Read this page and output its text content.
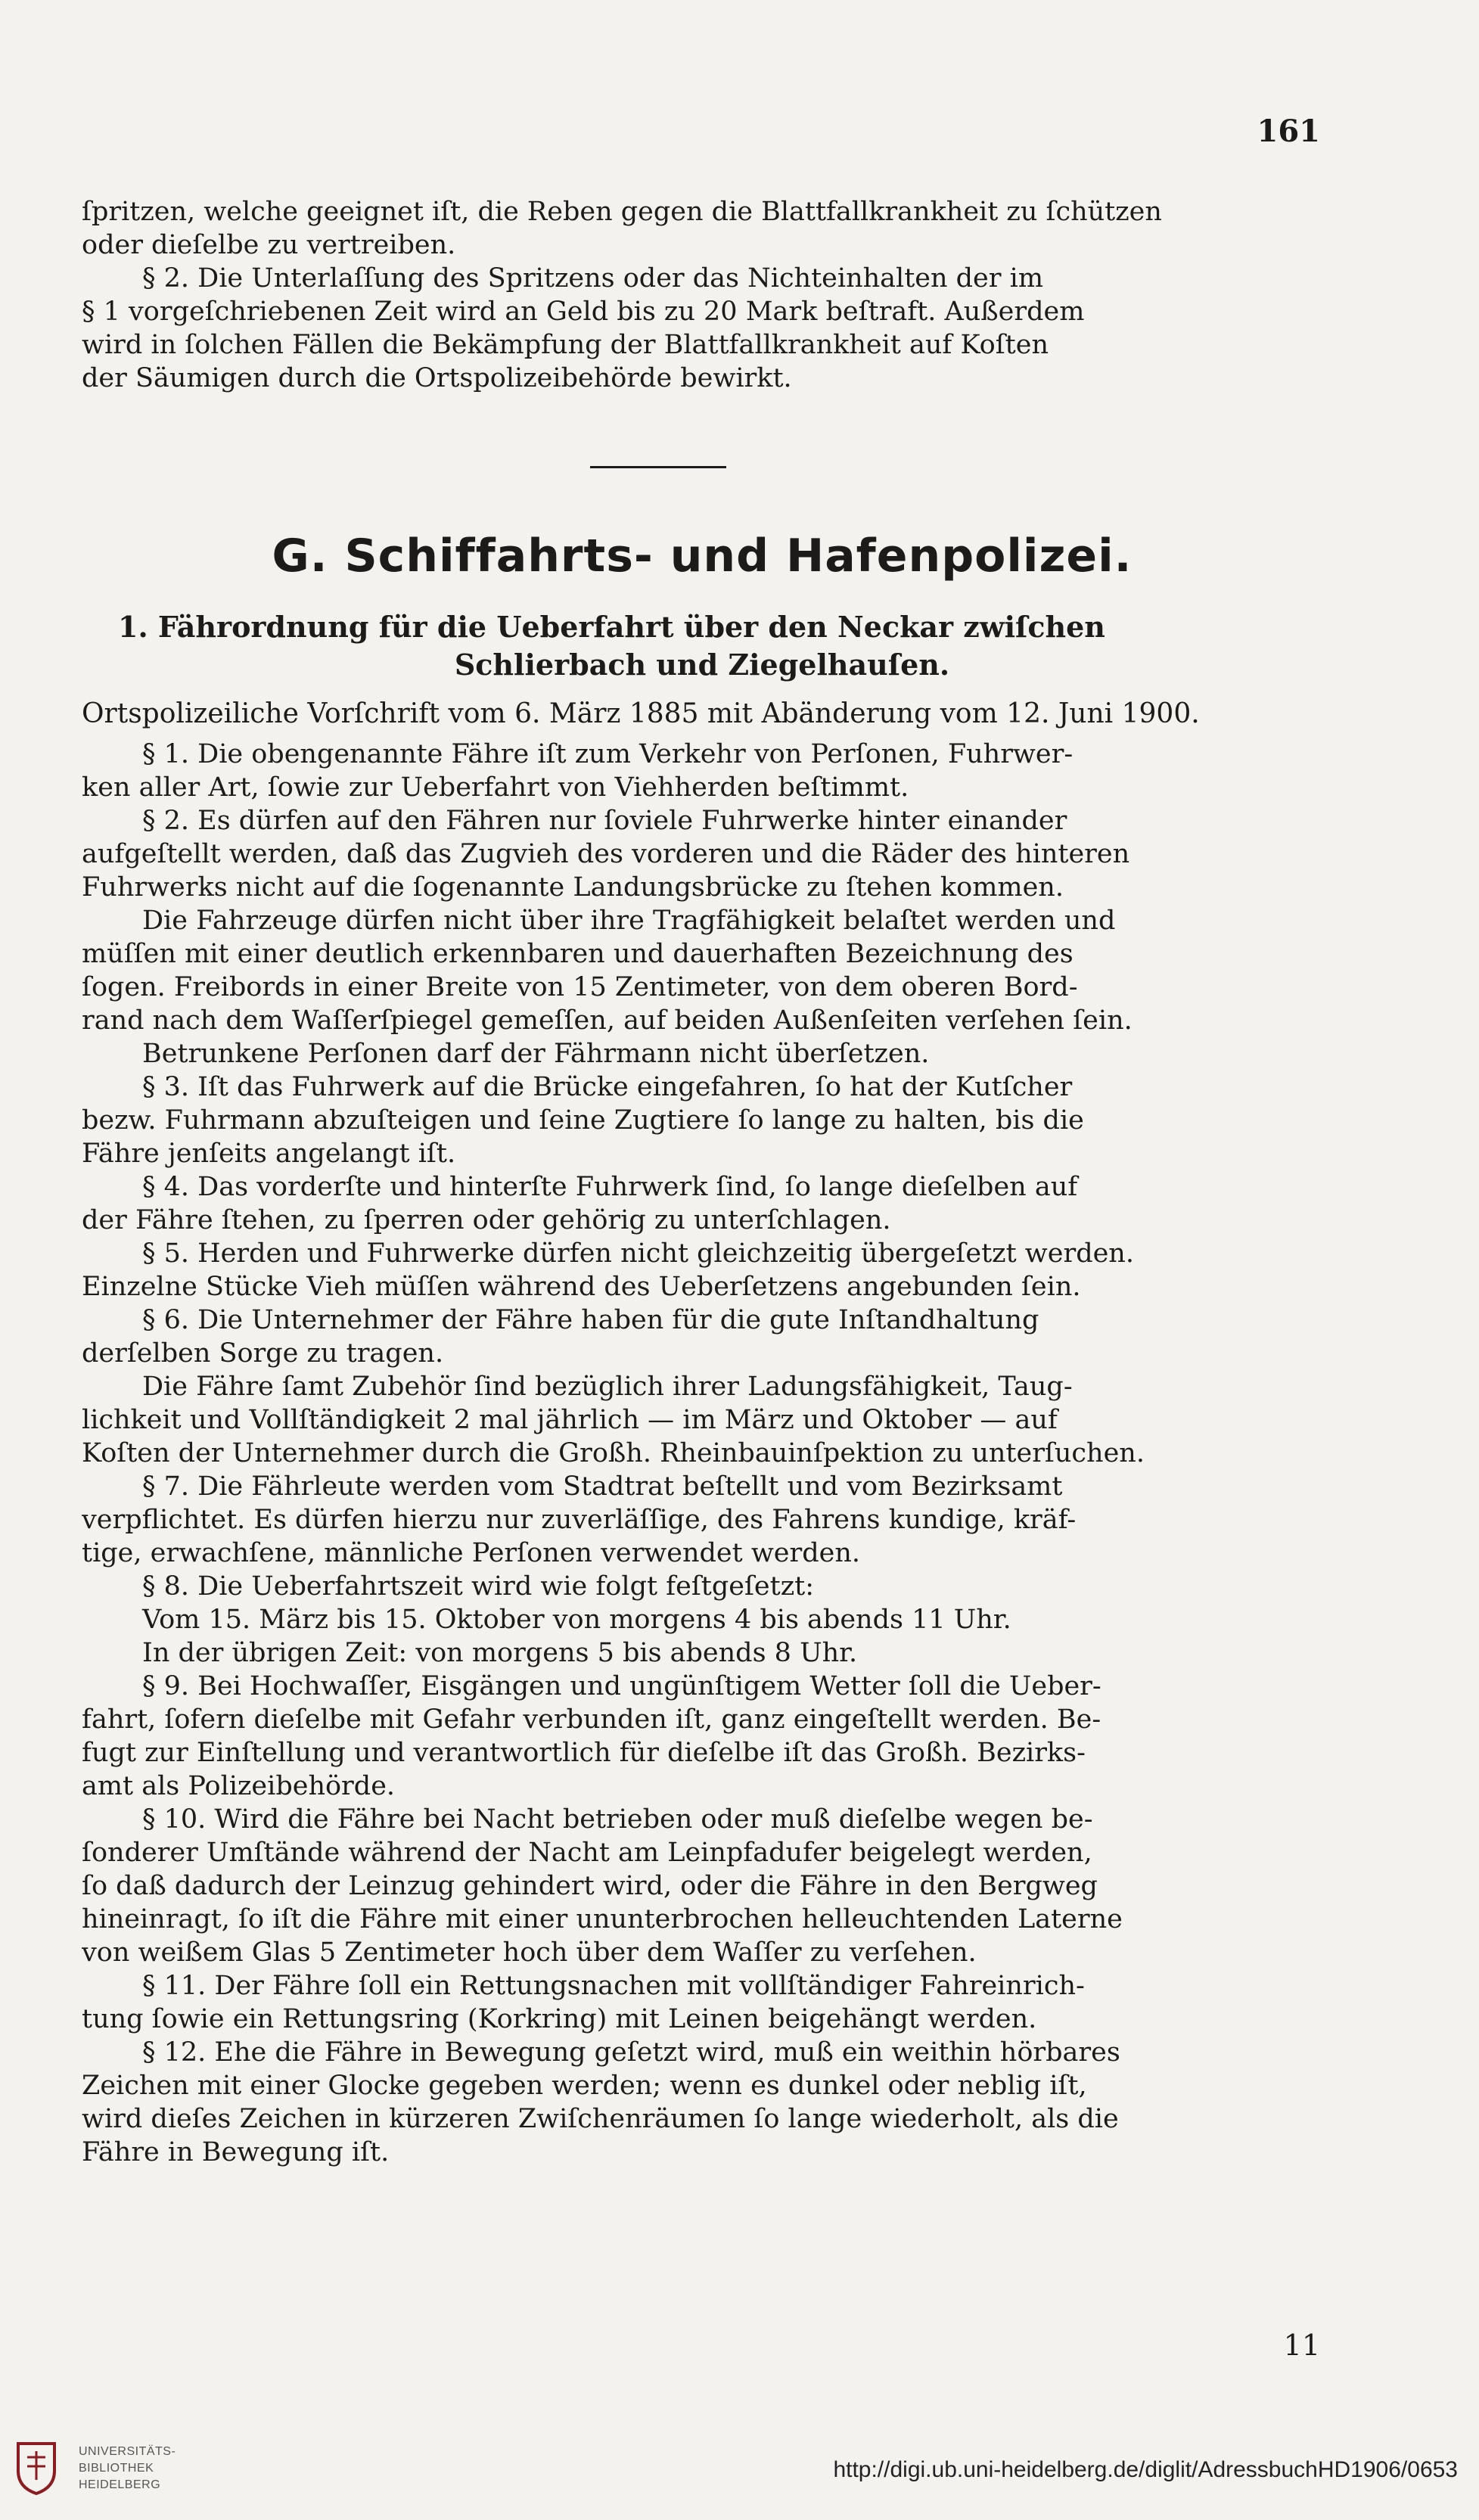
161
ſpritzen, welche geeignet iſt, die Reben gegen die Blattfallkrankheit zu ſchützen
oder dieſelbe zu vertreiben.
§ 2. Die Unterlaſſung des Spritzens oder das Nichteinhalten der im
§ 1 vorgeſchriebenen Zeit wird an Geld bis zu 20 Mark beſtraft. Außerdem
wird in ſolchen Fällen die Bekämpfung der Blattfallkrankheit auf Koſten
der Säumigen durch die Ortspolizeibehörde bewirkt.
G. Schiffahrts- und Hafenpolizei.
1. Fährordnung für die Ueberfahrt über den Neckar zwiſchen
Schlierbach und Ziegelhauſen.
Ortspolizeiliche Vorſchrift vom 6. März 1885 mit Abänderung vom 12. Juni 1900.
§ 1. Die obengenannte Fähre iſt zum Verkehr von Perſonen, Fuhrwer-
ken aller Art, ſowie zur Ueberfahrt von Viehherden beſtimmt.
§ 2. Es dürfen auf den Fähren nur ſoviele Fuhrwerke hinter einander
aufgeſtellt werden, daß das Zugvieh des vorderen und die Räder des hinteren
Fuhrwerks nicht auf die ſogenannte Landungsbrücke zu ſtehen kommen.
Die Fahrzeuge dürfen nicht über ihre Tragfähigkeit belaſtet werden und
müſſen mit einer deutlich erkennbaren und dauerhaften Bezeichnung des
ſogen. Freibords in einer Breite von 15 Zentimeter, von dem oberen Bord-
rand nach dem Waſſerſpiegel gemeſſen, auf beiden Außenſeiten verſehen ſein.
Betrunkene Perſonen darf der Fährmann nicht überſetzen.
§ 3. Iſt das Fuhrwerk auf die Brücke eingefahren, ſo hat der Kutſcher
bezw. Fuhrmann abzuſteigen und ſeine Zugtiere ſo lange zu halten, bis die
Fähre jenſeits angelangt iſt.
§ 4. Das vorderſte und hinterſte Fuhrwerk ſind, ſo lange dieſelben auf
der Fähre ſtehen, zu ſperren oder gehörig zu unterſchlagen.
§ 5. Herden und Fuhrwerke dürfen nicht gleichzeitig übergeſetzt werden.
Einzelne Stücke Vieh müſſen während des Ueberſetzens angebunden ſein.
§ 6. Die Unternehmer der Fähre haben für die gute Inſtandhaltung
derſelben Sorge zu tragen.
Die Fähre ſamt Zubehör ſind bezüglich ihrer Ladungsfähigkeit, Taug-
lichkeit und Vollſtändigkeit 2 mal jährlich — im März und Oktober — auf
Koſten der Unternehmer durch die Großh. Rheinbauinſpektion zu unterſuchen.
§ 7. Die Fährleute werden vom Stadtrat beſtellt und vom Bezirksamt
verpflichtet. Es dürfen hierzu nur zuverläſſige, des Fahrens kundige, kräf-
tige, erwachſene, männliche Perſonen verwendet werden.
§ 8. Die Ueberfahrtszeit wird wie folgt feſtgeſetzt:
Vom 15. März bis 15. Oktober von morgens 4 bis abends 11 Uhr.
In der übrigen Zeit: von morgens 5 bis abends 8 Uhr.
§ 9. Bei Hochwaſſer, Eisgängen und ungünſtigem Wetter ſoll die Ueber-
fahrt, ſofern dieſelbe mit Gefahr verbunden iſt, ganz eingeſtellt werden. Be-
fugt zur Einſtellung und verantwortlich für dieſelbe iſt das Großh. Bezirks-
amt als Polizeibehörde.
§ 10. Wird die Fähre bei Nacht betrieben oder muß dieſelbe wegen be-
ſonderer Umſtände während der Nacht am Leinpfadufer beigelegt werden,
ſo daß dadurch der Leinzug gehindert wird, oder die Fähre in den Bergweg
hineinragt, ſo iſt die Fähre mit einer ununterbrochen helleuchtenden Laterne
von weißem Glas 5 Zentimeter hoch über dem Waſſer zu verſehen.
§ 11. Der Fähre ſoll ein Rettungsnachen mit vollſtändiger Fahreinrich-
tung ſowie ein Rettungsring (Korkring) mit Leinen beigehängt werden.
§ 12. Ehe die Fähre in Bewegung geſetzt wird, muß ein weithin hörbares
Zeichen mit einer Glocke gegeben werden; wenn es dunkel oder neblig iſt,
wird dieſes Zeichen in kürzeren Zwiſchenräumen ſo lange wiederholt, als die
Fähre in Bewegung iſt.
11
UNIVERSITÄTS-
BIBLIOTHEK
HEIDELBERG
http://digi.ub.uni-heidelberg.de/diglit/AdressbuchHD1906/0653
